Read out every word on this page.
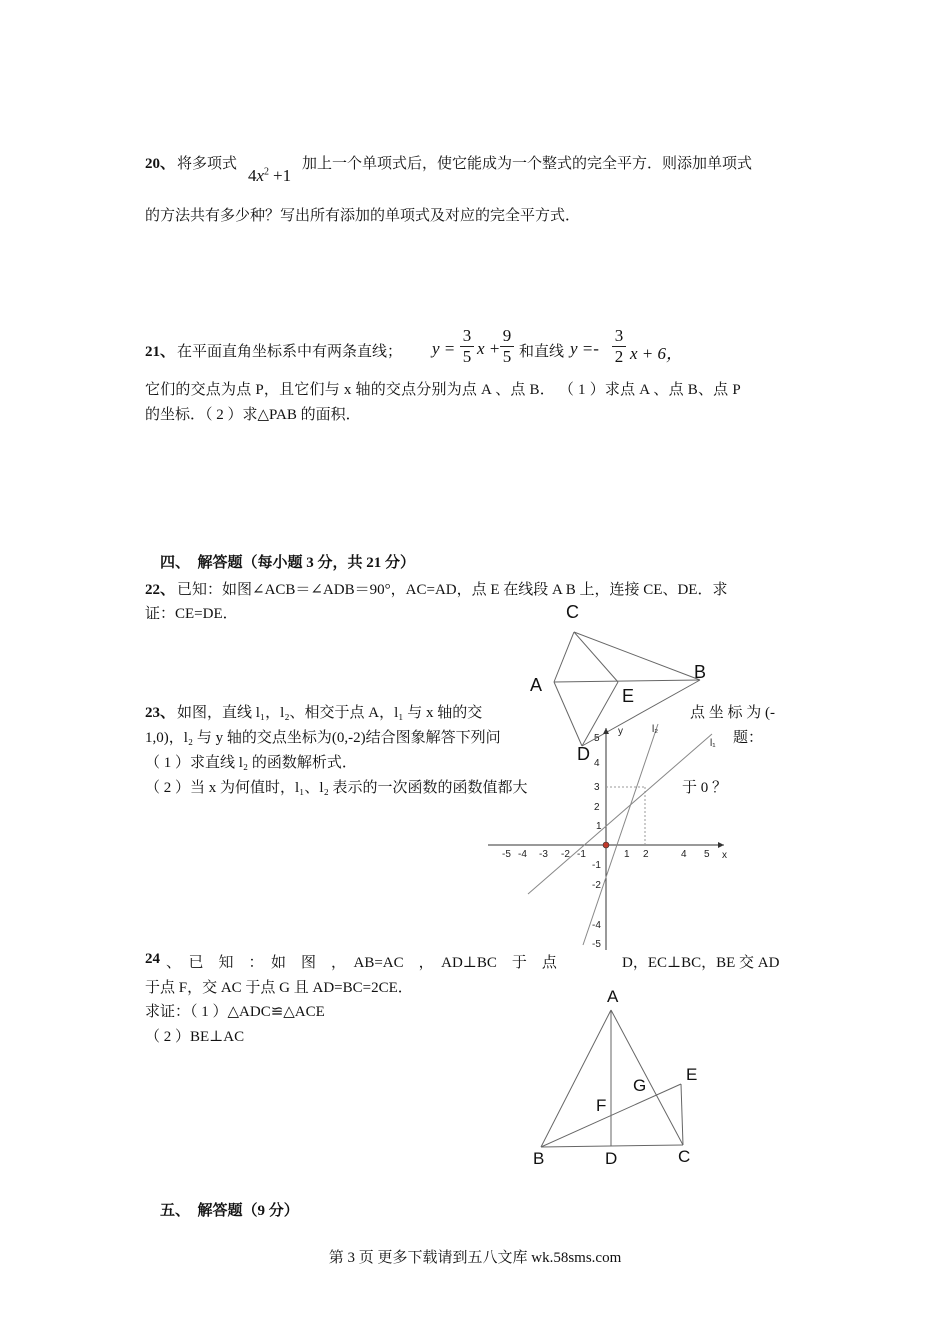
20、 将多项式
$4x^2 +1$
加上一个单项式后，使它能成为一个整式的完全平方．则添加单项式
的方法共有多少种？写出所有添加的单项式及对应的完全平方式．
21、 在平面直角坐标系中有两条直线； y =
3
5 x +
9
5 和直线 y =-
3
2 x + 6，
它们的交点为点 P，且它们与 x 轴的交点分别为点 A 、点 B． （ 1 ）求点 A 、点 B、点 P
的坐标．（ 2 ）求△PAB 的面积．
四、　解答题（每小题 3 分，共 21 分）
22、 已知：如图∠ACB＝∠ADB＝90°，AC=AD，点 E 在线段 A B 上，连接 CE、DE．求
证：CE=DE．	C
A
B
E
D
23、 如图，直线 l₁，l₂、相交于点 A，l₁ 与 x 轴的交	点 坐 标 为 (-
1,0)，l₂ 与 y 轴的交点坐标为(0,-2)结合图象解答下列问	题：
（ 1 ）求直线 l₂ 的函数解析式．
（ 2 ）当 x 为何值时，l₁、l₂ 表示的一次函数的函数值都大	于 0 ？
y
x
l₁
l₂
-5 -4 -3 -2 -1	1 2	4 5
5
4
3
2
1
-1
-2
-4
-5
24 、　已　知　：　如　图　，　AB=AC　，　AD⊥BC　于　点	D，EC⊥BC，BE 交 AD
于点 F，交 AC 于点 G 且 AD=BC=2CE．
求证：（ 1 ）△ADC≌△ACE
（ 2 ）BE⊥AC
A
B	C
D
E
F
G
五、　解答题（9 分）
第 3 页 更多下载请到五八文库 wk.58sms.com
